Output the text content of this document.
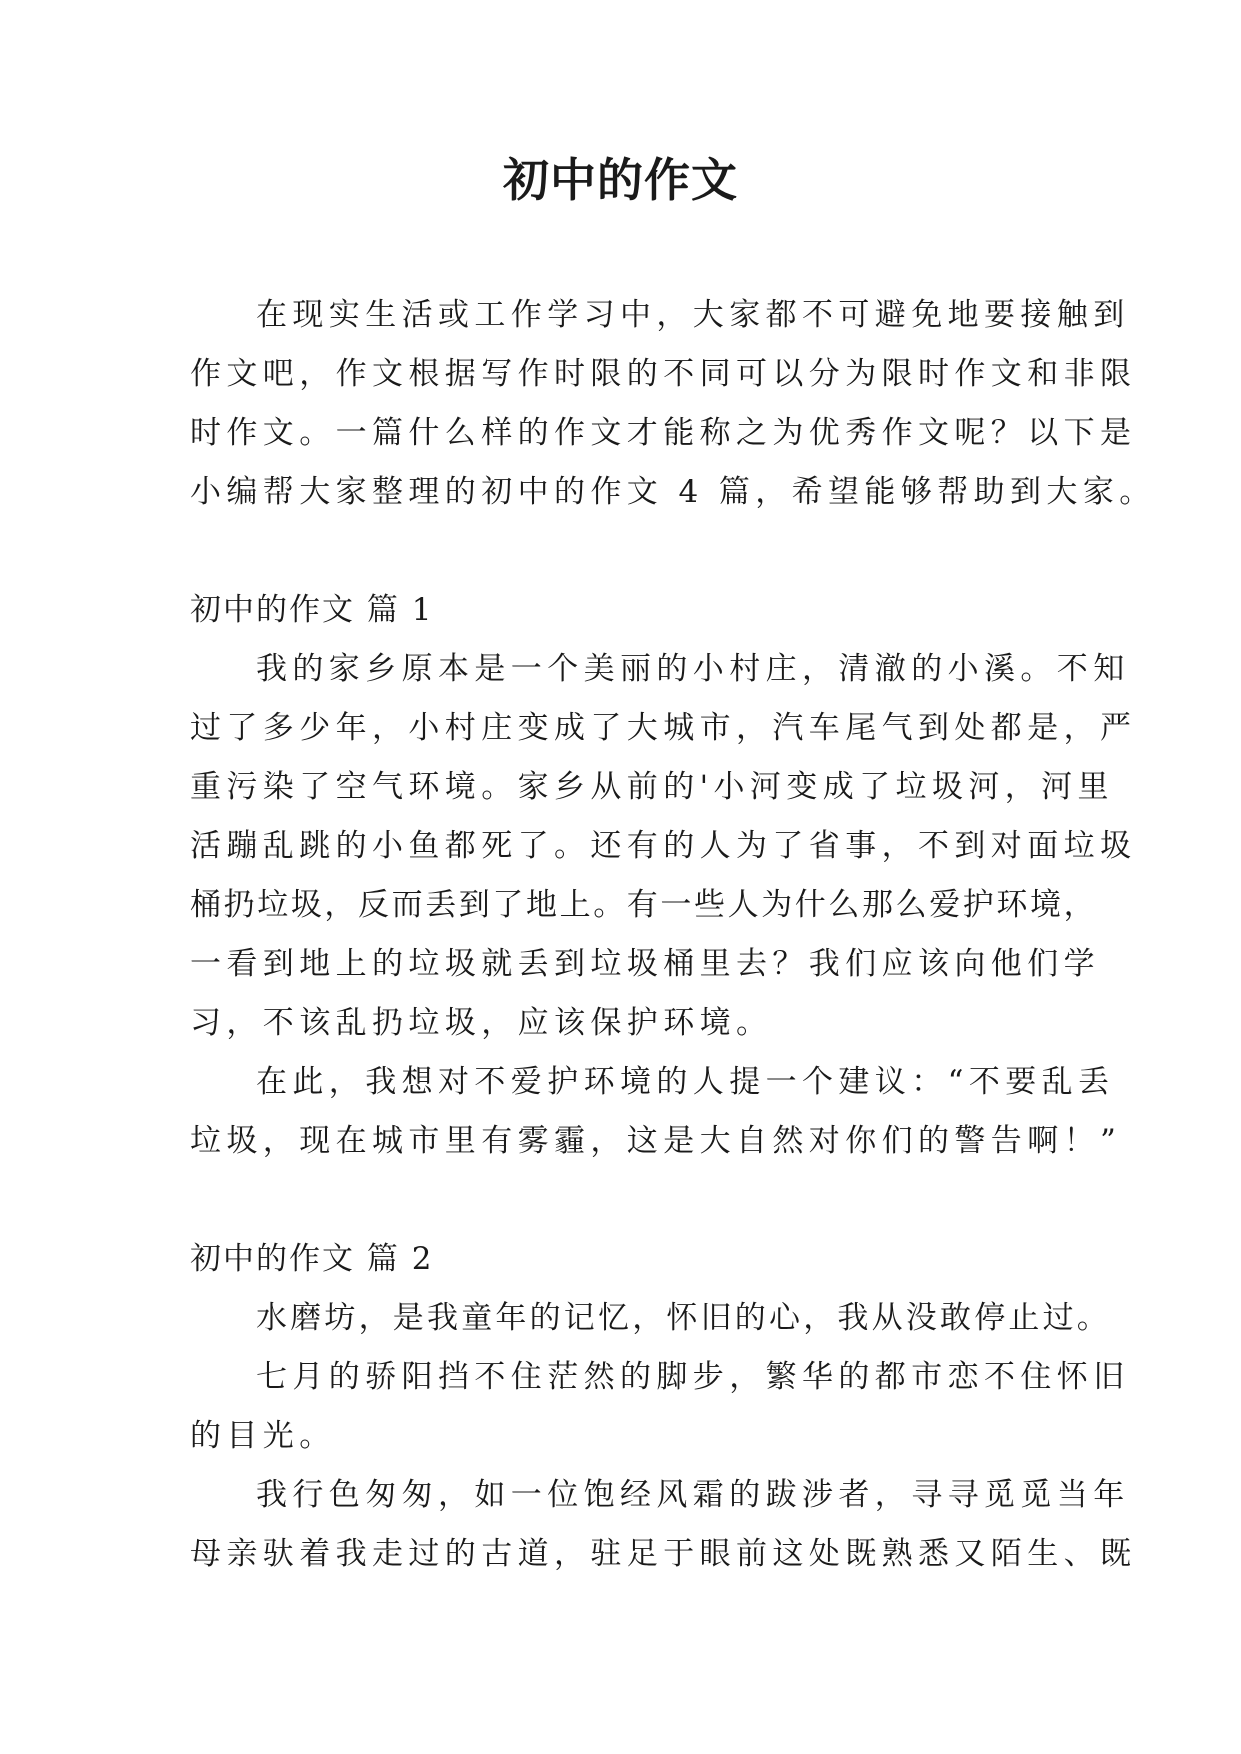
初中的作文
在现实生活或工作学习中，大家都不可避免地要接触到
作文吧，作文根据写作时限的不同可以分为限时作文和非限
时作文。一篇什么样的作文才能称之为优秀作文呢？以下是
小编帮大家整理的初中的作文 4 篇，希望能够帮助到大家。
初中的作文 篇 1
我的家乡原本是一个美丽的小村庄，清澈的小溪。不知
过了多少年，小村庄变成了大城市，汽车尾气到处都是，严
重污染了空气环境。家乡从前的'小河变成了垃圾河，河里
活蹦乱跳的小鱼都死了。还有的人为了省事，不到对面垃圾
桶扔垃圾，反而丢到了地上。有一些人为什么那么爱护环境，
一看到地上的垃圾就丢到垃圾桶里去？我们应该向他们学
习，不该乱扔垃圾，应该保护环境。
在此，我想对不爱护环境的人提一个建议：“不要乱丢
垃圾，现在城市里有雾霾，这是大自然对你们的警告啊！”
初中的作文 篇 2
水磨坊，是我童年的记忆，怀旧的心，我从没敢停止过。
七月的骄阳挡不住茫然的脚步，繁华的都市恋不住怀旧
的目光。
我行色匆匆，如一位饱经风霜的跋涉者，寻寻觅觅当年
母亲驮着我走过的古道，驻足于眼前这处既熟悉又陌生、既
